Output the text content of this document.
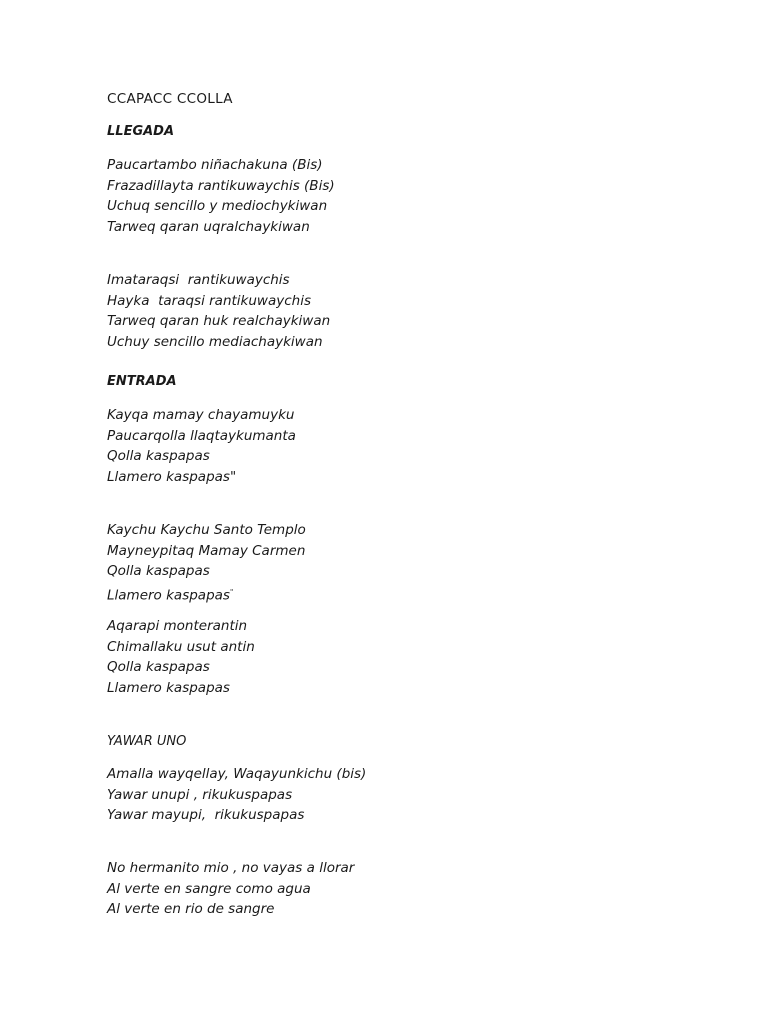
CCAPACC CCOLLA
LLEGADA
Paucartambo niñachakuna (Bis)
Frazadillayta rantikuwaychis (Bis)
Uchuq sencillo y mediochykiwan
Tarweq qaran uqralchaykiwan
Imataraqsi  rantikuwaychis
Hayka  taraqsi rantikuwaychis
Tarweq qaran huk realchaykiwan
Uchuy sencillo mediachaykiwan
ENTRADA
Kayqa mamay chayamuyku
Paucarqolla llaqtaykumanta
Qolla kaspapas
Llamero kaspapas"
Kaychu Kaychu Santo Templo
Mayneypitaq Mamay Carmen
Qolla kaspapas
Llamero kaspapas"
Aqarapi monterantin
Chimallaku usut antin
Qolla kaspapas
Llamero kaspapas
YAWAR UNO
Amalla wayqellay, Waqayunkichu (bis)
Yawar unupi , rikukuspapas
Yawar mayupi,  rikukuspapas
No hermanito mio , no vayas a llorar
Al verte en sangre como agua
Al verte en rio de sangre
